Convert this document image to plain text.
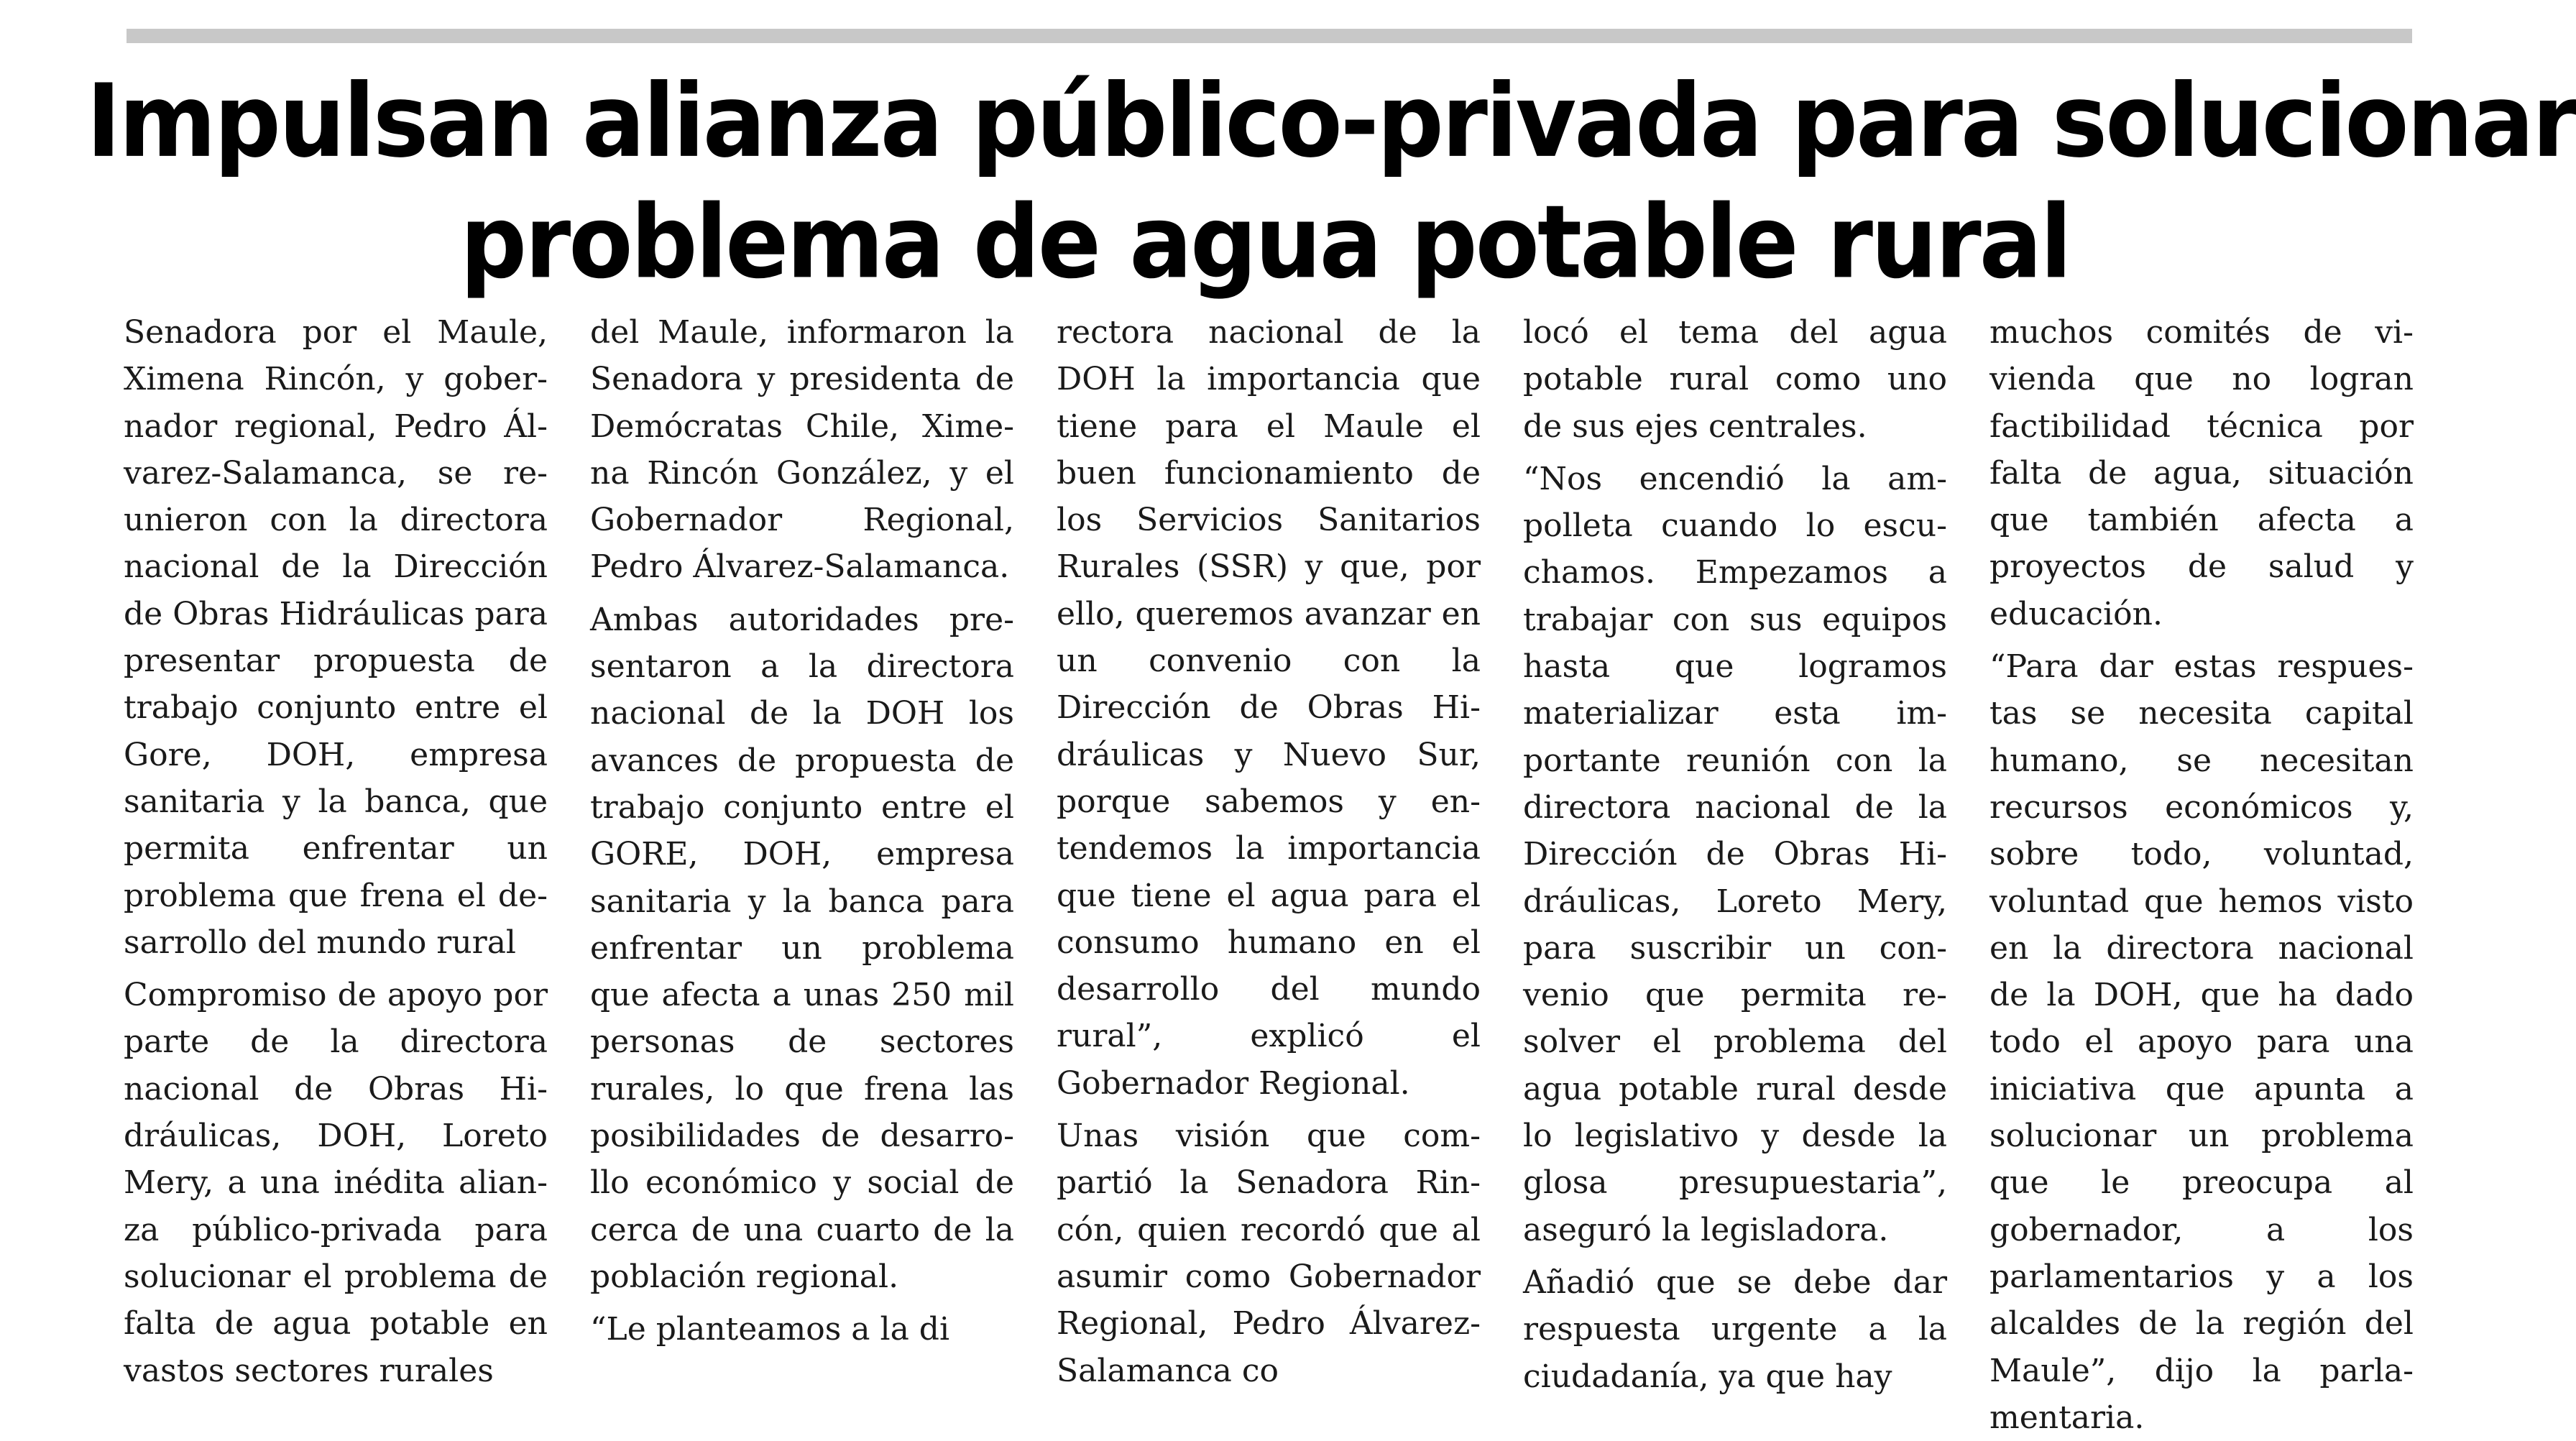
Impulsan alianza público-privada para solucionar
problema de agua potable rural

Senadora por el Maule, Ximena Rincón, y gobernador regional, Pedro Álvarez-Salamanca, se reunieron con la directora nacional de la Dirección de Obras Hidráulicas para presentar propuesta de trabajo conjunto entre el Gore, DOH, empresa sanitaria y la banca, que permita enfrentar un problema que frena el desarrollo del mundo rural

Compromiso de apoyo por parte de la directora nacional de Obras Hidráulicas, DOH, Loreto Mery, a una inédita alianza público-privada para solucionar el problema de falta de agua potable en vastos sectores rurales

del Maule, informaron la Senadora y presidenta de Demócratas Chile, Ximena Rincón González, y el Gobernador Regional, Pedro Álvarez-Salamanca.

Ambas autoridades presentaron a la directora nacional de la DOH los avances de propuesta de trabajo conjunto entre el GORE, DOH, empresa sanitaria y la banca para enfrentar un problema que afecta a unas 250 mil personas de sectores rurales, lo que frena las posibilidades de desarrollo económico y social de cerca de una cuarto de la población regional.

“Le planteamos a la di

rectora nacional de la DOH la importancia que tiene para el Maule el buen funcionamiento de los Servicios Sanitarios Rurales (SSR) y que, por ello, queremos avanzar en un convenio con la Dirección de Obras Hidráulicas y Nuevo Sur, porque sabemos y entendemos la importancia que tiene el agua para el consumo humano en el desarrollo del mundo rural”, explicó el Gobernador Regional.

Unas visión que compartió la Senadora Rincón, quien recordó que al asumir como Gobernador Regional, Pedro Álvarez-Salamanca co

locó el tema del agua potable rural como uno de sus ejes centrales.

“Nos encendió la ampolleta cuando lo escuchamos. Empezamos a trabajar con sus equipos hasta que logramos materializar esta importante reunión con la directora nacional de la Dirección de Obras Hidráulicas, Loreto Mery, para suscribir un convenio que permita resolver el problema del agua potable rural desde lo legislativo y desde la glosa presupuestaria”, aseguró la legisladora.

Añadió que se debe dar respuesta urgente a la ciudadanía, ya que hay

muchos comités de vivienda que no logran factibilidad técnica por falta de agua, situación que también afecta a proyectos de salud y educación.

“Para dar estas respuestas se necesita capital humano, se necesitan recursos económicos y, sobre todo, voluntad, voluntad que hemos visto en la directora nacional de la DOH, que ha dado todo el apoyo para una iniciativa que apunta a solucionar un problema que le preocupa al gobernador, a los parlamentarios y a los alcaldes de la región del Maule”, dijo la parlamentaria.
